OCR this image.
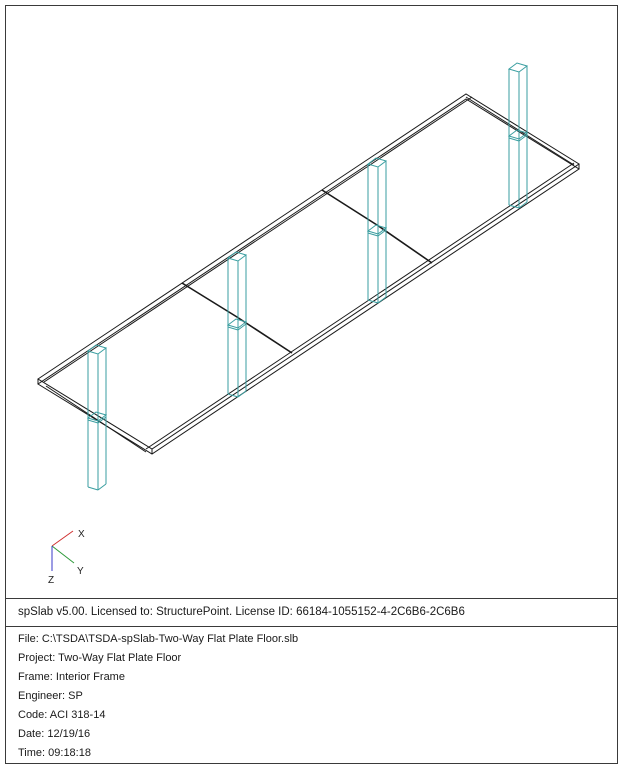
X
Y
Z
spSlab v5.00. Licensed to: StructurePoint. License ID: 66184-1055152-4-2C6B6-2C6B6
File: C:\TSDA\TSDA-spSlab-Two-Way Flat Plate Floor.slb
Project: Two-Way Flat Plate Floor
Frame: Interior Frame
Engineer: SP
Code: ACI 318-14
Date: 12/19/16
Time: 09:18:18
